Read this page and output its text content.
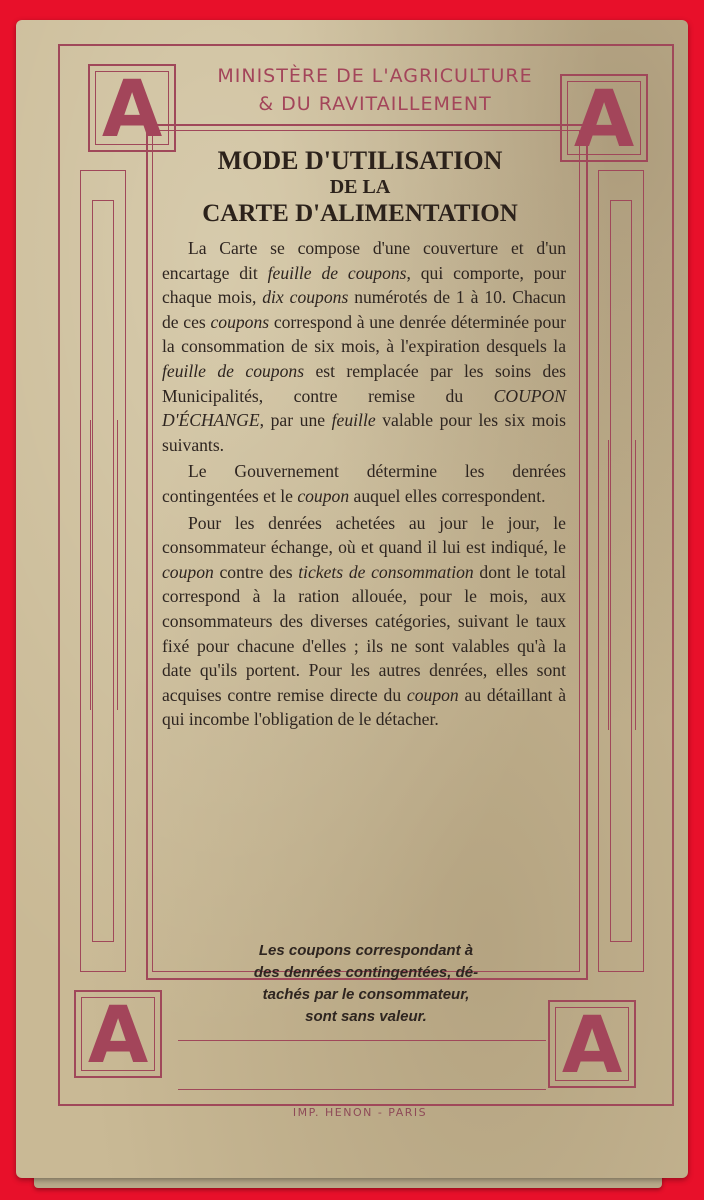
A	A
A	A
MINISTÈRE DE L'AGRICULTURE
& DU RAVITAILLEMENT
MODE D'UTILISATION
DE LA
CARTE D'ALIMENTATION

La Carte se compose d'une couverture et d'un encartage dit feuille de coupons, qui comporte, pour chaque mois, dix coupons numérotés de 1 à 10. Chacun de ces coupons correspond à une denrée déterminée pour la consommation de six mois, à l'expiration desquels la feuille de coupons est remplacée par les soins des Municipalités, contre remise du COUPON D'ÉCHANGE, par une feuille valable pour les six mois suivants.

Le Gouvernement détermine les denrées contingentées et le coupon auquel elles correspondent.

Pour les denrées achetées au jour le jour, le consommateur échange, où et quand il lui est indiqué, le coupon contre des tickets de consommation dont le total correspond à la ration allouée, pour le mois, aux consommateurs des diverses catégories, suivant le taux fixé pour chacune d'elles ; ils ne sont valables qu'à la date qu'ils portent. Pour les autres denrées, elles sont acquises contre remise directe du coupon au détaillant à qui incombe l'obligation de le détacher.

Les coupons correspondant à
des denrées contingentées, dé-
tachés par le consommateur,
sont sans valeur.
IMP. HENON - PARIS
